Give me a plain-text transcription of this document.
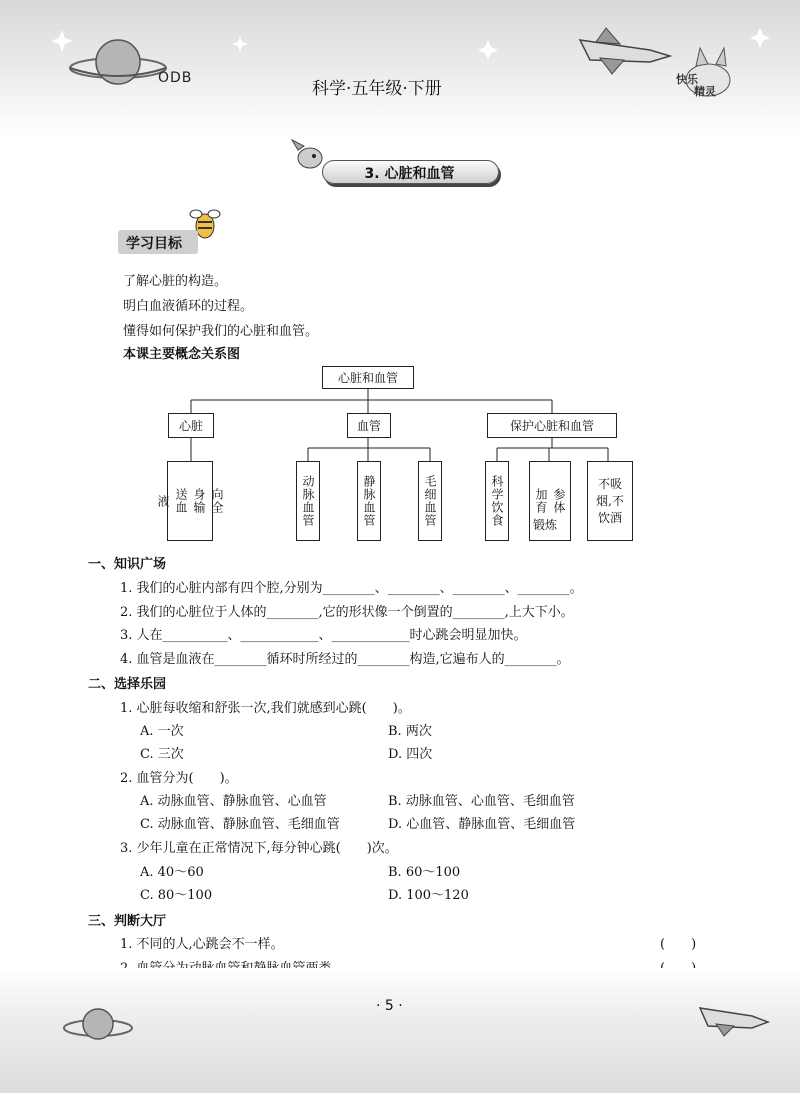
ODB
科学·五年级·下册	快乐
精灵
3. 心脏和血管
学习目标
了解心脏的构造。
明白血液循环的过程。
懂得如何保护我们的心脏和血管。
本课主要概念关系图
心脏和血管
心脏	血管	保护心脏和血管
向全
身输
送血
液	动脉血管	静脉血管	毛细血管	科学饮食	参体
加育
不吸
烟,不
饮酒
锻炼
一、知识广场
1. 我们的心脏内部有四个腔,分别为________、________、________、________。
2. 我们的心脏位于人体的________,它的形状像一个倒置的________,上大下小。
3. 人在__________、____________、____________时心跳会明显加快。
4. 血管是血液在________循环时所经过的________构造,它遍布人的________。
二、选择乐园
1. 心脏每收缩和舒张一次,我们就感到心跳(　　)。
A. 一次	B. 两次
C. 三次	D. 四次
2. 血管分为(　　)。
A. 动脉血管、静脉血管、心血管	B. 动脉血管、心血管、毛细血管
C. 动脉血管、静脉血管、毛细血管	D. 心血管、静脉血管、毛细血管
3. 少年儿童在正常情况下,每分钟心跳(　　)次。
A. 40～60	B. 60～100
C. 80～100	D. 100～120
三、判断大厅
1. 不同的人,心跳会不一样。	(　　)
· 5 ·
